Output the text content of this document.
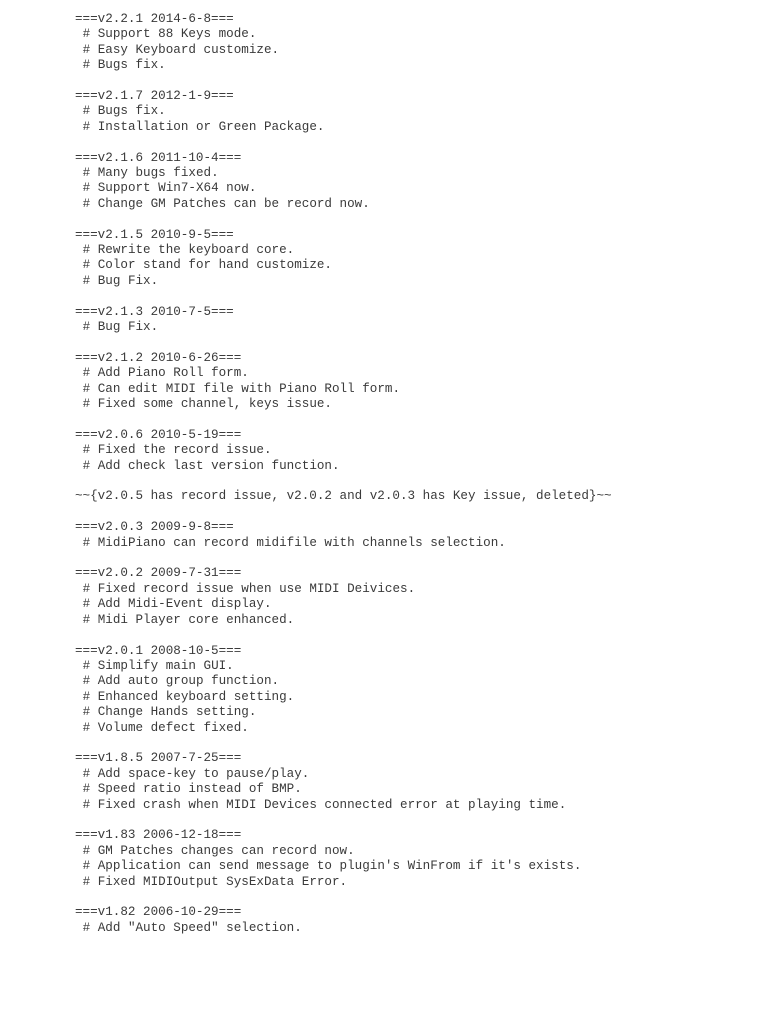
===v2.2.1 2014-6-8===
# Support 88 Keys mode.
# Easy Keyboard customize.
# Bugs fix.
===v2.1.7 2012-1-9===
# Bugs fix.
# Installation or Green Package.
===v2.1.6 2011-10-4===
# Many bugs fixed.
# Support Win7-X64 now.
# Change GM Patches can be record now.
===v2.1.5 2010-9-5===
# Rewrite the keyboard core.
# Color stand for hand customize.
# Bug Fix.
===v2.1.3 2010-7-5===
# Bug Fix.
===v2.1.2 2010-6-26===
# Add Piano Roll form.
# Can edit MIDI file with Piano Roll form.
# Fixed some channel, keys issue.
===v2.0.6 2010-5-19===
# Fixed the record issue.
# Add check last version function.
~~{v2.0.5 has record issue, v2.0.2 and v2.0.3 has Key issue, deleted}~~
===v2.0.3 2009-9-8===
# MidiPiano can record midifile with channels selection.
===v2.0.2 2009-7-31===
# Fixed record issue when use MIDI Deivices.
# Add Midi-Event display.
# Midi Player core enhanced.
===v2.0.1 2008-10-5===
# Simplify main GUI.
# Add auto group function.
# Enhanced keyboard setting.
# Change Hands setting.
# Volume defect fixed.
===v1.8.5 2007-7-25===
# Add space-key to pause/play.
# Speed ratio instead of BMP.
# Fixed crash when MIDI Devices connected error at playing time.
===v1.83 2006-12-18===
# GM Patches changes can record now.
# Application can send message to plugin's WinFrom if it's exists.
# Fixed MIDIOutput SysExData Error.
===v1.82 2006-10-29===
# Add "Auto Speed" selection.
